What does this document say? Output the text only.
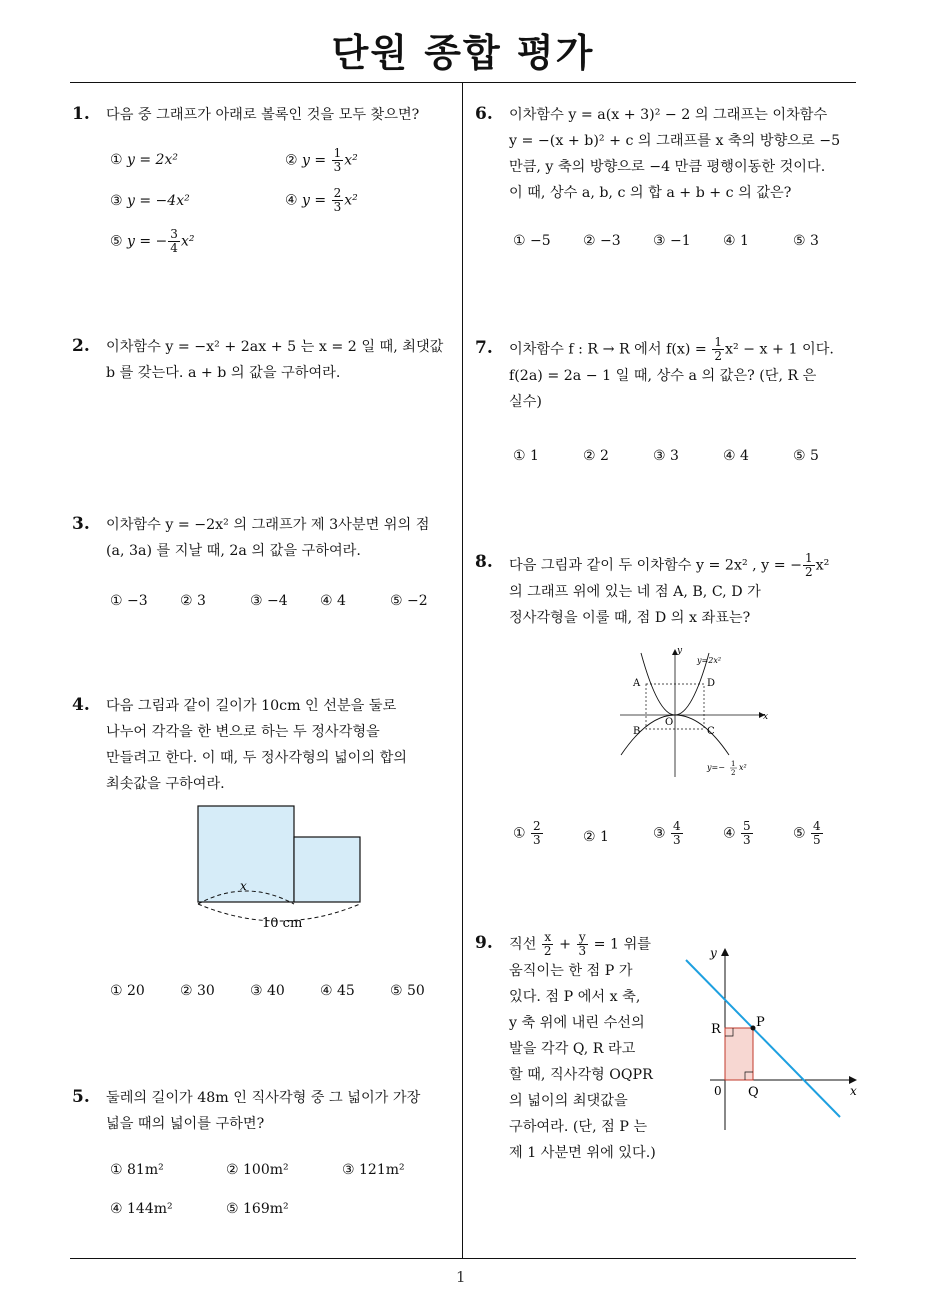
단원 종합 평가
1
1. 다음 중 그래프가 아래로 볼록인 것을 모두 찾으면?
① y = 2x²	② $y = \frac{1}{3} x^2$
③ y = −4x²	④ $y = \frac{2}{3} x^2$
⑤ y = − $\frac{3}{4} x^2$
2. 이차함수 y = −x² + 2ax + 5 는 x = 2 일 때, 최댓값
b 를 갖는다. a + b 의 값을 구하여라.
3. 이차함수 y = −2x² 의 그래프가 제 3사분면 위의 점
(a, 3a) 를 지날 때, 2a 의 값을 구하여라.
① −3 ② 3	③ −4 ④ 4	⑤ −2
4. 다음 그림과 같이 길이가 10cm 인 선분을 둘로
나누어 각각을 한 변으로 하는 두 정사각형을
만들려고 한다. 이 때, 두 정사각형의 넓이의 합의
최솟값을 구하여라.
x
10 cm
① 20	② 30	③ 40	④ 45	⑤ 50
5. 둘레의 길이가 48m 인 직사각형 중 그 넓이가 가장
넓을 때의 넓이를 구하면?
① 81m²	② 100m²	③ 121m²
④ 144m²	⑤ 169m²
6. 이차함수 y = a(x + 3)² − 2 의 그래프는 이차함수
y = −(x + b)² + c 의 그래프를 x 축의 방향으로 −5
만큼, y 축의 방향으로 −4 만큼 평행이동한 것이다.
이 때, 상수 a, b, c 의 합 a + b + c 의 값은?
① −5 ② −3 ③ −1 ④ 1	⑤ 3
7. 이차함수 f : R → R 에서 $f(x) = \frac{1}{2} x^2 - x + 1$ 이다.
f(2a) = 2a − 1 일 때, 상수 a 의 값은? (단, R 은
실수)
① 1	② 2	③ 3	④ 4	⑤ 5
8. 다음 그림과 같이 두 이차함수 y = 2x² , y = − $\frac{1}{2} x^2$
의 그래프 위에 있는 네 점 A, B, C, D 가
정사각형을 이룰 때, 점 D 의 x 좌표는?
y
x
O
y=2x²
y=− 1
2
x²
A
B	C
D
① $\frac{2}{3}$	② 1	③ $\frac{4}{3}$	④ $\frac{5}{3}$	⑤ $\frac{4}{5}$
9. 직선 $\frac{x}{2} + \frac{y}{3} = 1$ 위를
움직이는 한 점 P 가
있다. 점 P 에서 x 축,
y 축 위에 내린 수선의
발을 각각 Q, R 라고
할 때, 직사각형 OQPR
의 넓이의 최댓값을
구하여라. (단, 점 P 는
제 1 사분면 위에 있다.)
y
x
0
P
Q
R
